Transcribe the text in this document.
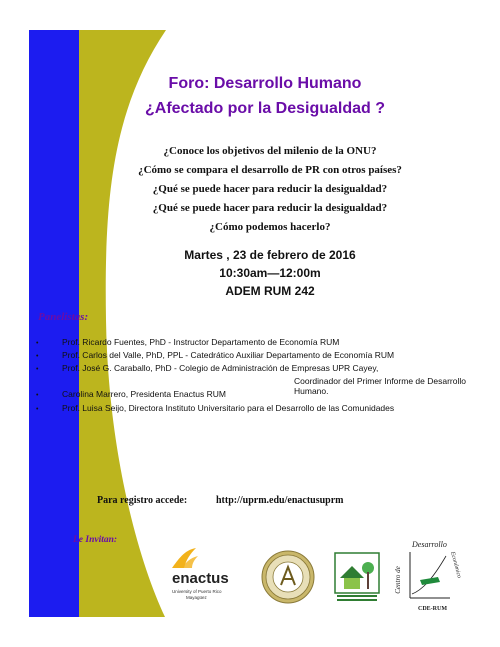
Foro: Desarrollo Humano
¿Afectado por la Desigualdad ?
¿Conoce los objetivos del milenio de la ONU?
¿Cómo se compara el desarrollo de PR con otros países?
¿Qué se puede hacer para reducir la desigualdad?
¿Qué se puede hacer para reducir la desigualdad?
¿Cómo podemos hacerlo?
Martes , 23 de febrero de 2016
10:30am—12:00m
ADEM RUM 242
Panelistas:
•	Prof. Ricardo Fuentes, PhD - Instructor Departamento de Economía RUM
•	Prof. Carlos del Valle, PhD, PPL - Catedrático Auxiliar Departamento de Economía RUM
•	Prof. José G. Caraballo, PhD - Colegio de Administración de Empresas UPR Cayey,
Coordinador del Primer Informe de Desarrollo Humano.
•	Carolina Marrero, Presidenta Enactus RUM
•	Prof. Luisa Seijo, Directora Instituto Universitario para el Desarrollo de las Comunidades
Para registro accede:	http://uprm.edu/enactusuprm
Le Invitan:
enactus
University of Puerto Rico
Mayagüez
Desarrollo
Centro de
Económico
CDE-RUM
